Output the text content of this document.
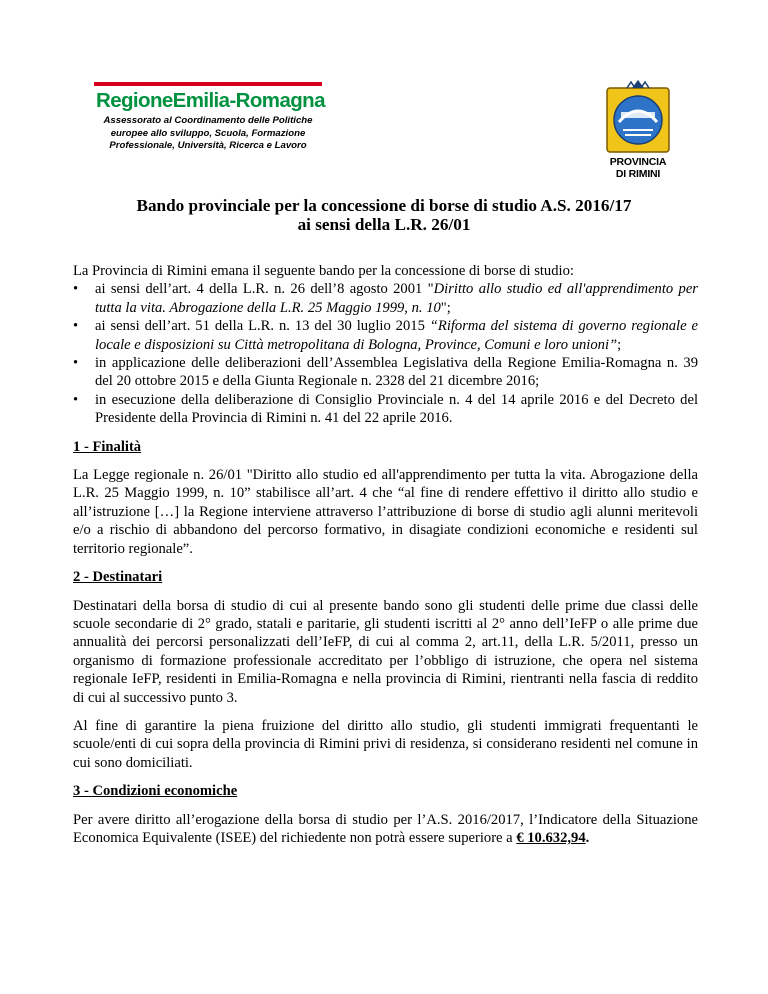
RegioneEmilia-Romagna
Assessorato al Coordinamento delle Politiche europee allo sviluppo, Scuola, Formazione Professionale, Università, Ricerca e Lavoro
PROVINCIA
DI RIMINI
Bando provinciale per la concessione di borse di studio A.S. 2016/17
ai sensi della L.R. 26/01

La Provincia di Rimini emana il seguente bando per la concessione di borse di studio:

• ai sensi dell’art. 4 della L.R. n. 26 dell’8 agosto 2001 "Diritto allo studio ed all'apprendimento per tutta la vita. Abrogazione della L.R. 25 Maggio 1999, n. 10";
• ai sensi dell’art. 51 della L.R. n. 13 del 30 luglio 2015 “Riforma del sistema di governo regionale e locale e disposizioni su Città metropolitana di Bologna, Province, Comuni e loro unioni”;
• in applicazione delle deliberazioni dell’Assemblea Legislativa della Regione Emilia-Romagna n. 39 del 20 ottobre 2015 e della Giunta Regionale n. 2328 del 21 dicembre 2016;
• in esecuzione della deliberazione di Consiglio Provinciale n. 4 del 14 aprile 2016 e del Decreto del Presidente della Provincia di Rimini n. 41 del 22 aprile 2016.

1 - Finalità

La Legge regionale n. 26/01 "Diritto allo studio ed all'apprendimento per tutta la vita. Abrogazione della L.R. 25 Maggio 1999, n. 10” stabilisce all’art. 4 che “al fine di rendere effettivo il diritto allo studio e all’istruzione […] la Regione interviene attraverso l’attribuzione di borse di studio agli alunni meritevoli e/o a rischio di abbandono del percorso formativo, in disagiate condizioni economiche e residenti sul territorio regionale”.

2 - Destinatari

Destinatari della borsa di studio di cui al presente bando sono gli studenti delle prime due classi delle scuole secondarie di 2° grado, statali e paritarie, gli studenti iscritti al 2° anno dell’IeFP o alle prime due annualità dei percorsi personalizzati dell’IeFP, di cui al comma 2, art.11, della L.R. 5/2011, presso un organismo di formazione professionale accreditato per l’obbligo di istruzione, che opera nel sistema regionale IeFP, residenti in Emilia-Romagna e nella provincia di Rimini, rientranti nella fascia di reddito di cui al successivo punto 3.

Al fine di garantire la piena fruizione del diritto allo studio, gli studenti immigrati frequentanti le scuole/enti di cui sopra della provincia di Rimini privi di residenza, si considerano residenti nel comune in cui sono domiciliati.

3 - Condizioni economiche

Per avere diritto all’erogazione della borsa di studio per l’A.S. 2016/2017, l’Indicatore della Situazione Economica Equivalente (ISEE) del richiedente non potrà essere superiore a € 10.632,94.
